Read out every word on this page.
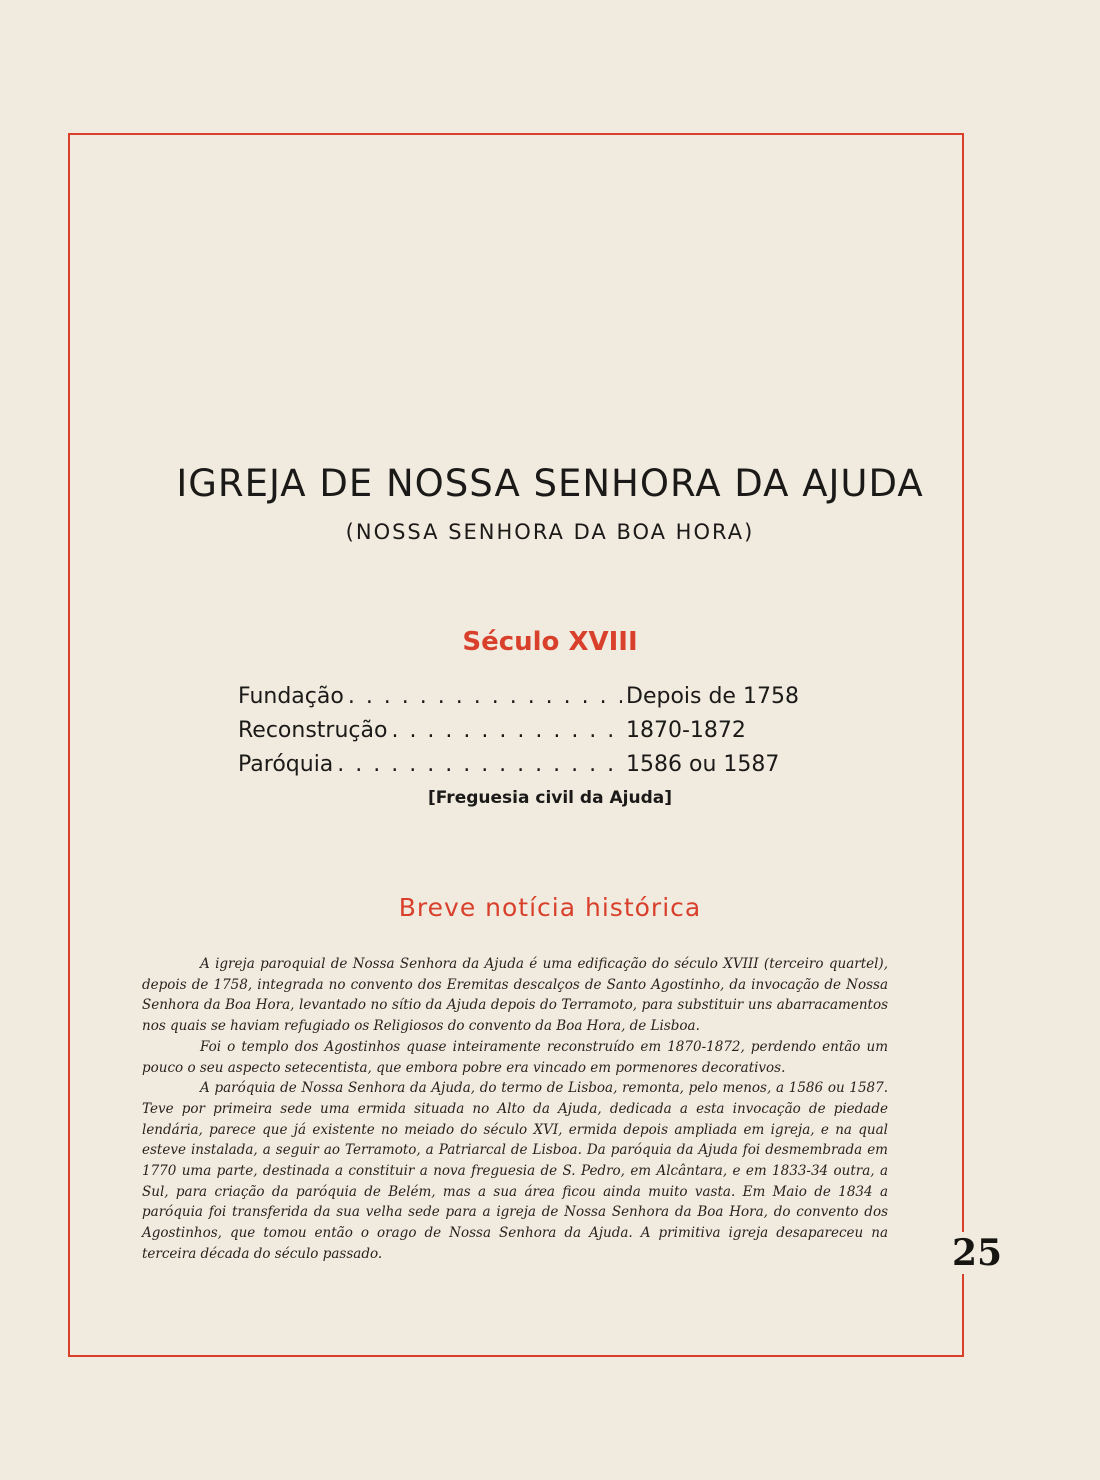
IGREJA DE NOSSA SENHORA DA AJUDA
(NOSSA SENHORA DA BOA HORA)
Século XVIII
Fundação . . .	Depois de 1758
Reconstrução . . .	1870-1872
Paróquia . . .	1586 ou 1587
[Freguesia civil da Ajuda]
Breve notícia histórica

A igreja paroquial de Nossa Senhora da Ajuda é uma edificação do século XVIII (terceiro quartel), depois de 1758, integrada no convento dos Eremitas descalços de Santo Agostinho, da invocação de Nossa Senhora da Boa Hora, levantado no sítio da Ajuda depois do Terramoto, para substituir uns abarracamentos nos quais se haviam refugiado os Religiosos do convento da Boa Hora, de Lisboa.

Foi o templo dos Agostinhos quase inteiramente reconstruído em 1870-1872, perdendo então um pouco o seu aspecto setecentista, que embora pobre era vincado em pormenores decorativos.

A paróquia de Nossa Senhora da Ajuda, do termo de Lisboa, remonta, pelo menos, a 1586 ou 1587. Teve por primeira sede uma ermida situada no Alto da Ajuda, dedicada a esta invocação de piedade lendária, parece que já existente no meiado do século XVI, ermida depois ampliada em igreja, e na qual esteve instalada, a seguir ao Terramoto, a Patriarcal de Lisboa. Da paróquia da Ajuda foi desmembrada em 1770 uma parte, destinada a constituir a nova freguesia de S. Pedro, em Alcântara, e em 1833-34 outra, a Sul, para criação da paróquia de Belém, mas a sua área ficou ainda muito vasta. Em Maio de 1834 a paróquia foi transferida da sua velha sede para a igreja de Nossa Senhora da Boa Hora, do convento dos Agostinhos, que tomou então o orago de Nossa Senhora da Ajuda. A primitiva igreja desapareceu na terceira década do século passado.	25
